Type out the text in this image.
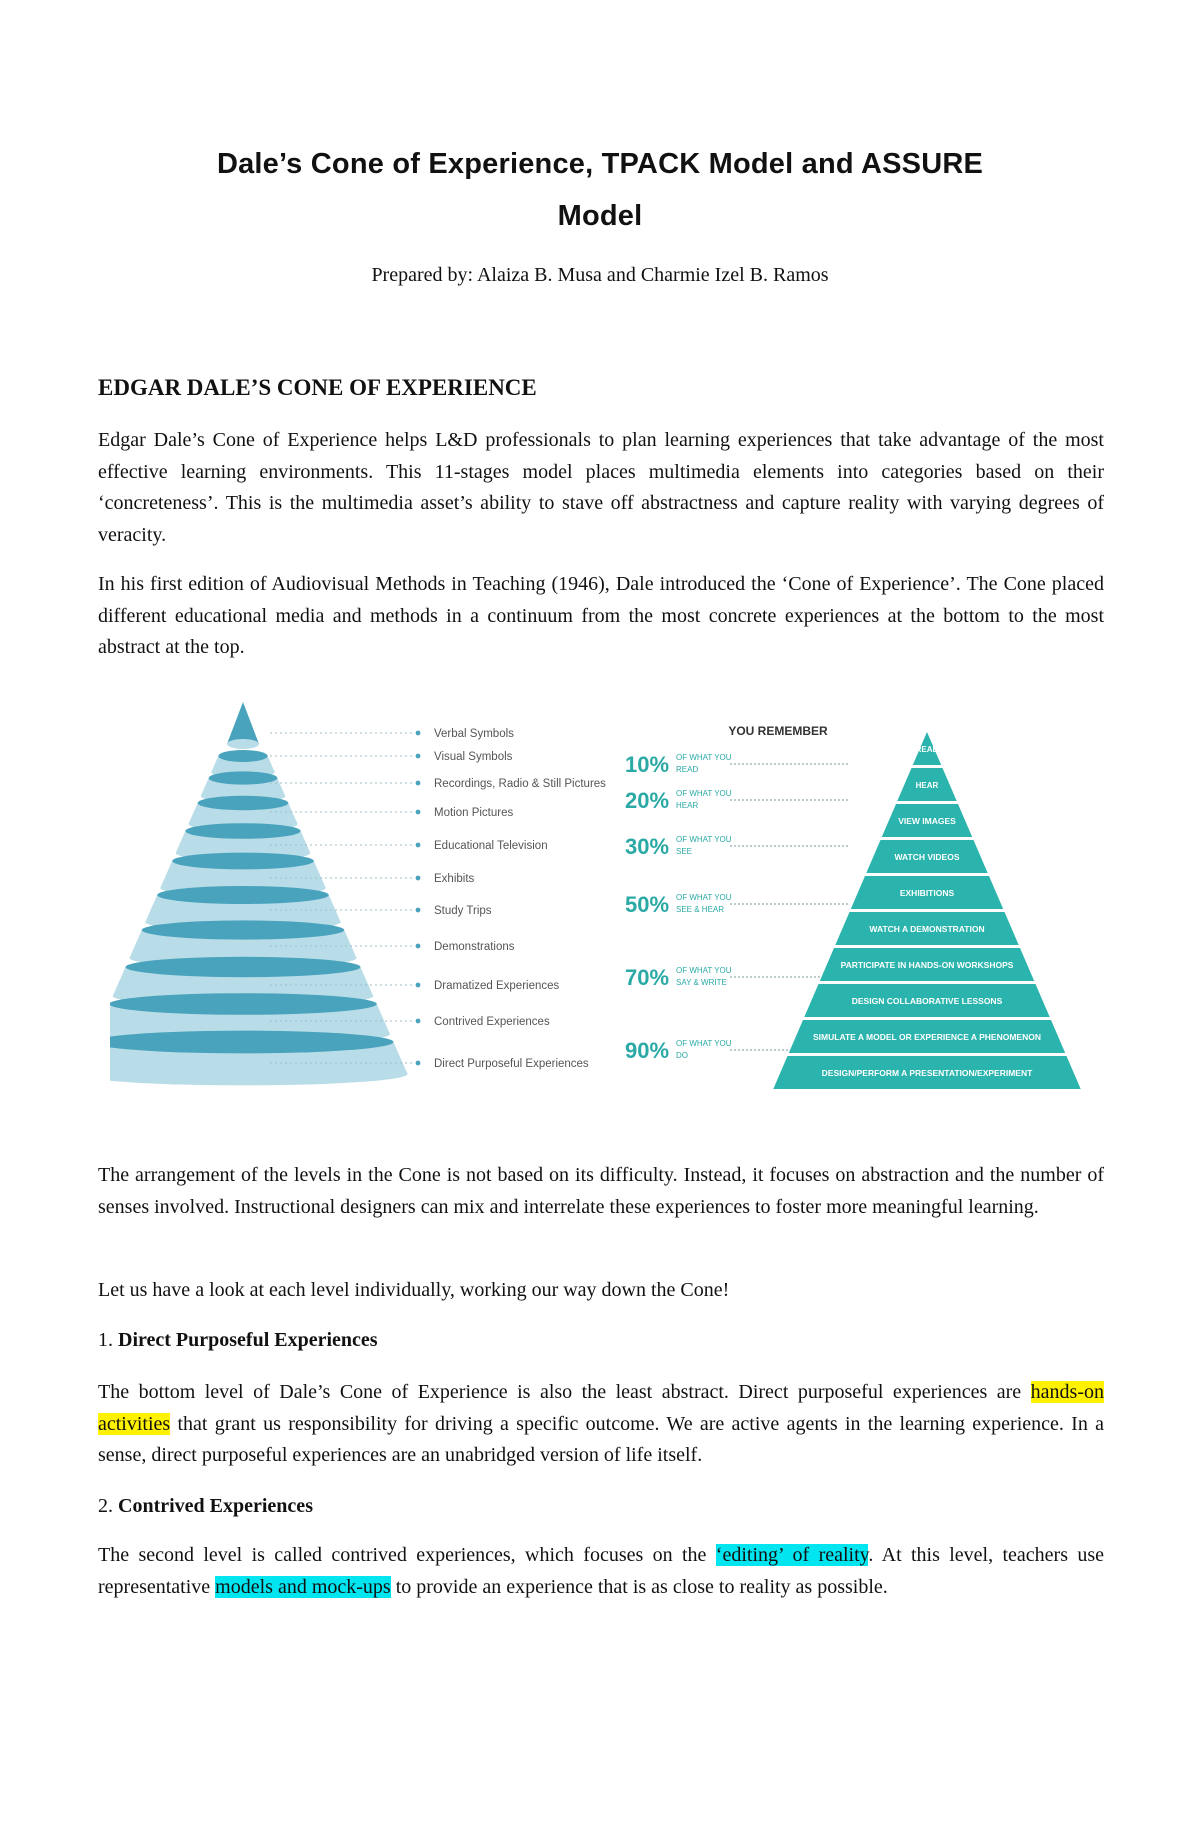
Dale’s Cone of Experience, TPACK Model and ASSURE
Model
Prepared by: Alaiza B. Musa and Charmie Izel B. Ramos
EDGAR DALE’S CONE OF EXPERIENCE
Edgar Dale’s Cone of Experience helps L&D professionals to plan learning experiences that take advantage of the most effective learning environments. This 11-stages model places multimedia elements into categories based on their ‘concreteness’. This is the multimedia asset’s ability to stave off abstractness and capture reality with varying degrees of veracity.
In his first edition of Audiovisual Methods in Teaching (1946), Dale introduced the ‘Cone of Experience’. The Cone placed different educational media and methods in a continuum from the most concrete experiences at the bottom to the most abstract at the top.
Verbal Symbols
Visual Symbols
Recordings, Radio & Still Pictures
Motion Pictures
Educational Television
Exhibits
Study Trips
Demonstrations
Dramatized Experiences
Contrived Experiences
Direct Purposeful Experiences
YOU REMEMBER
10% OF WHAT YOU
READ
20% OF WHAT YOU
HEAR
30% OF WHAT YOU
SEE
50% OF WHAT YOU
SEE & HEAR
70% OF WHAT YOU
SAY & WRITE
90% OF WHAT YOU
DO
READ
HEAR
VIEW IMAGES
WATCH VIDEOS
EXHIBITIONS
WATCH A DEMONSTRATION
PARTICIPATE IN HANDS-ON WORKSHOPS
DESIGN COLLABORATIVE LESSONS
SIMULATE A MODEL OR EXPERIENCE A PHENOMENON
DESIGN/PERFORM A PRESENTATION/EXPERIMENT
The arrangement of the levels in the Cone is not based on its difficulty. Instead, it focuses on abstraction and the number of senses involved. Instructional designers can mix and interrelate these experiences to foster more meaningful learning.
Let us have a look at each level individually, working our way down the Cone!
1. Direct Purposeful Experiences
The bottom level of Dale’s Cone of Experience is also the least abstract. Direct purposeful experiences are hands-on activities that grant us responsibility for driving a specific outcome. We are active agents in the learning experience. In a sense, direct purposeful experiences are an unabridged version of life itself.
2. Contrived Experiences
The second level is called contrived experiences, which focuses on the ‘editing’ of reality. At this level, teachers use representative models and mock-ups to provide an experience that is as close to reality as possible.
